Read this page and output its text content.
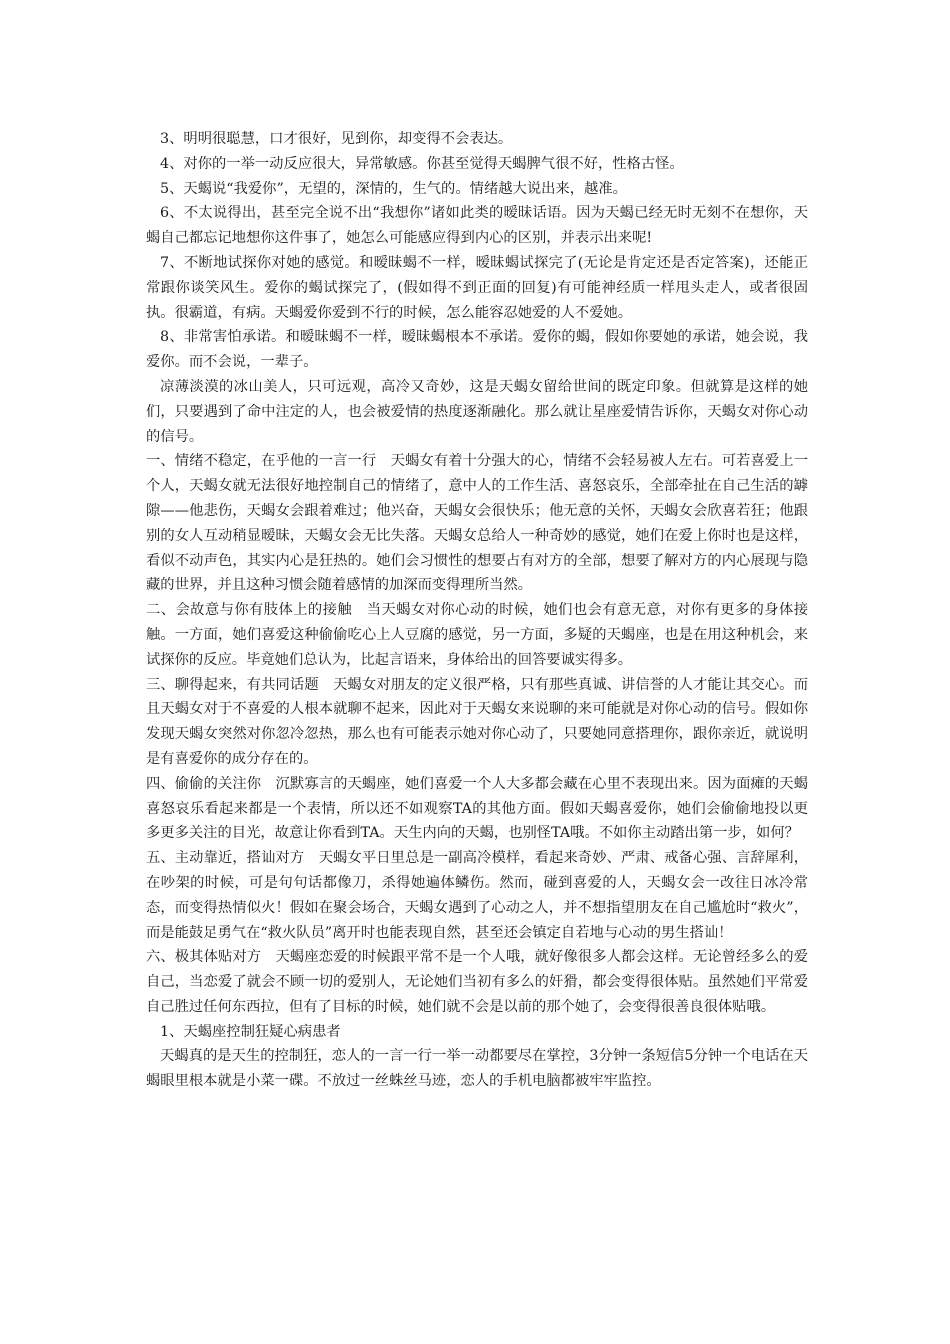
3、明明很聪慧，口才很好，见到你，却变得不会表达。

4、对你的一举一动反应很大，异常敏感。你甚至觉得天蝎脾气很不好，性格古怪。

5、天蝎说“我爱你”，无望的，深情的，生气的。情绪越大说出来，越准。

6、不太说得出，甚至完全说不出“我想你”诸如此类的暧昧话语。因为天蝎已经无时无刻不在想你，天蝎自己都忘记地想你这件事了，她怎么可能感应得到内心的区别，并表示出来呢!

7、不断地试探你对她的感觉。和暧昧蝎不一样，暧昧蝎试探完了(无论是肯定还是否定答案)，还能正常跟你谈笑风生。爱你的蝎试探完了，(假如得不到正面的回复)有可能神经质一样甩头走人，或者很固执。很霸道，有病。天蝎爱你爱到不行的时候，怎么能容忍她爱的人不爱她。

8、非常害怕承诺。和暧昧蝎不一样，暧昧蝎根本不承诺。爱你的蝎，假如你要她的承诺，她会说，我爱你。而不会说，一辈子。

凉薄淡漠的冰山美人，只可远观，高冷又奇妙，这是天蝎女留给世间的既定印象。但就算是这样的她们，只要遇到了命中注定的人，也会被爱情的热度逐渐融化。那么就让星座爱情告诉你，天蝎女对你心动的信号。

一、情绪不稳定，在乎他的一言一行　天蝎女有着十分强大的心，情绪不会轻易被人左右。可若喜爱上一个人，天蝎女就无法很好地控制自己的情绪了，意中人的工作生活、喜怒哀乐，全部牵扯在自己生活的罅隙——他悲伤，天蝎女会跟着难过；他兴奋，天蝎女会很快乐；他无意的关怀，天蝎女会欣喜若狂；他跟别的女人互动稍显暧昧，天蝎女会无比失落。天蝎女总给人一种奇妙的感觉，她们在爱上你时也是这样，看似不动声色，其实内心是狂热的。她们会习惯性的想要占有对方的全部，想要了解对方的内心展现与隐藏的世界，并且这种习惯会随着感情的加深而变得理所当然。

二、会故意与你有肢体上的接触　当天蝎女对你心动的时候，她们也会有意无意，对你有更多的身体接触。一方面，她们喜爱这种偷偷吃心上人豆腐的感觉，另一方面，多疑的天蝎座，也是在用这种机会，来试探你的反应。毕竟她们总认为，比起言语来，身体给出的回答要诚实得多。

三、聊得起来，有共同话题　天蝎女对朋友的定义很严格，只有那些真诚、讲信誉的人才能让其交心。而且天蝎女对于不喜爱的人根本就聊不起来，因此对于天蝎女来说聊的来可能就是对你心动的信号。假如你发现天蝎女突然对你忽冷忽热，那么也有可能表示她对你心动了，只要她同意搭理你，跟你亲近，就说明是有喜爱你的成分存在的。

四、偷偷的关注你　沉默寡言的天蝎座，她们喜爱一个人大多都会藏在心里不表现出来。因为面瘫的天蝎喜怒哀乐看起来都是一个表情，所以还不如观察TA的其他方面。假如天蝎喜爱你，她们会偷偷地投以更多更多关注的目光，故意让你看到TA。天生内向的天蝎，也别怪TA哦。不如你主动踏出第一步，如何？

五、主动靠近，搭讪对方　天蝎女平日里总是一副高冷模样，看起来奇妙、严肃、戒备心强、言辞犀利，在吵架的时候，可是句句话都像刀，杀得她遍体鳞伤。然而，碰到喜爱的人，天蝎女会一改往日冰冷常态，而变得热情似火！假如在聚会场合，天蝎女遇到了心动之人，并不想指望朋友在自己尴尬时“救火”，而是能鼓足勇气在“救火队员”离开时也能表现自然，甚至还会镇定自若地与心动的男生搭讪！

六、极其体贴对方　天蝎座恋爱的时候跟平常不是一个人哦，就好像很多人都会这样。无论曾经多么的爱自己，当恋爱了就会不顾一切的爱别人，无论她们当初有多么的奸猾，都会变得很体贴。虽然她们平常爱自己胜过任何东西拉，但有了目标的时候，她们就不会是以前的那个她了，会变得很善良很体贴哦。

1、天蝎座控制狂疑心病患者

天蝎真的是天生的控制狂，恋人的一言一行一举一动都要尽在掌控，3分钟一条短信5分钟一个电话在天蝎眼里根本就是小菜一碟。不放过一丝蛛丝马迹，恋人的手机电脑都被牢牢监控。
